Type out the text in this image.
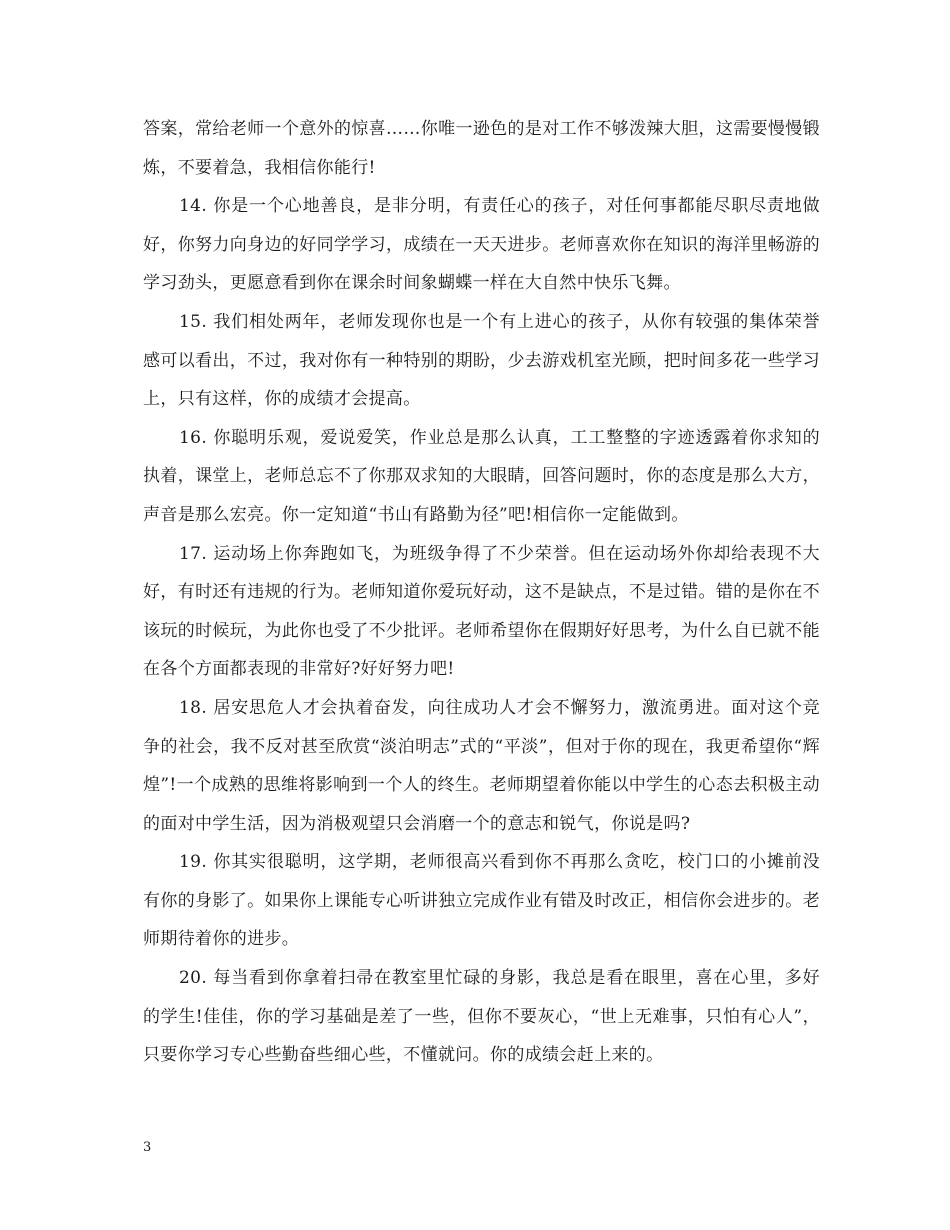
答案，常给老师一个意外的惊喜……你唯一逊色的是对工作不够泼辣大胆，这需要慢慢锻炼，不要着急，我相信你能行!

14. 你是一个心地善良，是非分明，有责任心的孩子，对任何事都能尽职尽责地做好，你努力向身边的好同学学习，成绩在一天天进步。老师喜欢你在知识的海洋里畅游的学习劲头，更愿意看到你在课余时间象蝴蝶一样在大自然中快乐飞舞。

15. 我们相处两年，老师发现你也是一个有上进心的孩子，从你有较强的集体荣誉感可以看出，不过，我对你有一种特别的期盼，少去游戏机室光顾，把时间多花一些学习上，只有这样，你的成绩才会提高。

16. 你聪明乐观，爱说爱笑，作业总是那么认真，工工整整的字迹透露着你求知的执着，课堂上，老师总忘不了你那双求知的大眼睛，回答问题时，你的态度是那么大方，声音是那么宏亮。你一定知道“书山有路勤为径”吧!相信你一定能做到。

17. 运动场上你奔跑如飞，为班级争得了不少荣誉。但在运动场外你却给表现不大好，有时还有违规的行为。老师知道你爱玩好动，这不是缺点，不是过错。错的是你在不该玩的时候玩，为此你也受了不少批评。老师希望你在假期好好思考，为什么自已就不能在各个方面都表现的非常好?好好努力吧!

18. 居安思危人才会执着奋发，向往成功人才会不懈努力，激流勇进。面对这个竞争的社会，我不反对甚至欣赏“淡泊明志”式的“平淡”，但对于你的现在，我更希望你“辉煌”!一个成熟的思维将影响到一个人的终生。老师期望着你能以中学生的心态去积极主动的面对中学生活，因为消极观望只会消磨一个的意志和锐气，你说是吗?

19. 你其实很聪明，这学期，老师很高兴看到你不再那么贪吃，校门口的小摊前没有你的身影了。如果你上课能专心听讲独立完成作业有错及时改正，相信你会进步的。老师期待着你的进步。

20. 每当看到你拿着扫帚在教室里忙碌的身影，我总是看在眼里，喜在心里，多好的学生!佳佳，你的学习基础是差了一些，但你不要灰心，“世上无难事，只怕有心人”，只要你学习专心些勤奋些细心些，不懂就问。你的成绩会赶上来的。

3
